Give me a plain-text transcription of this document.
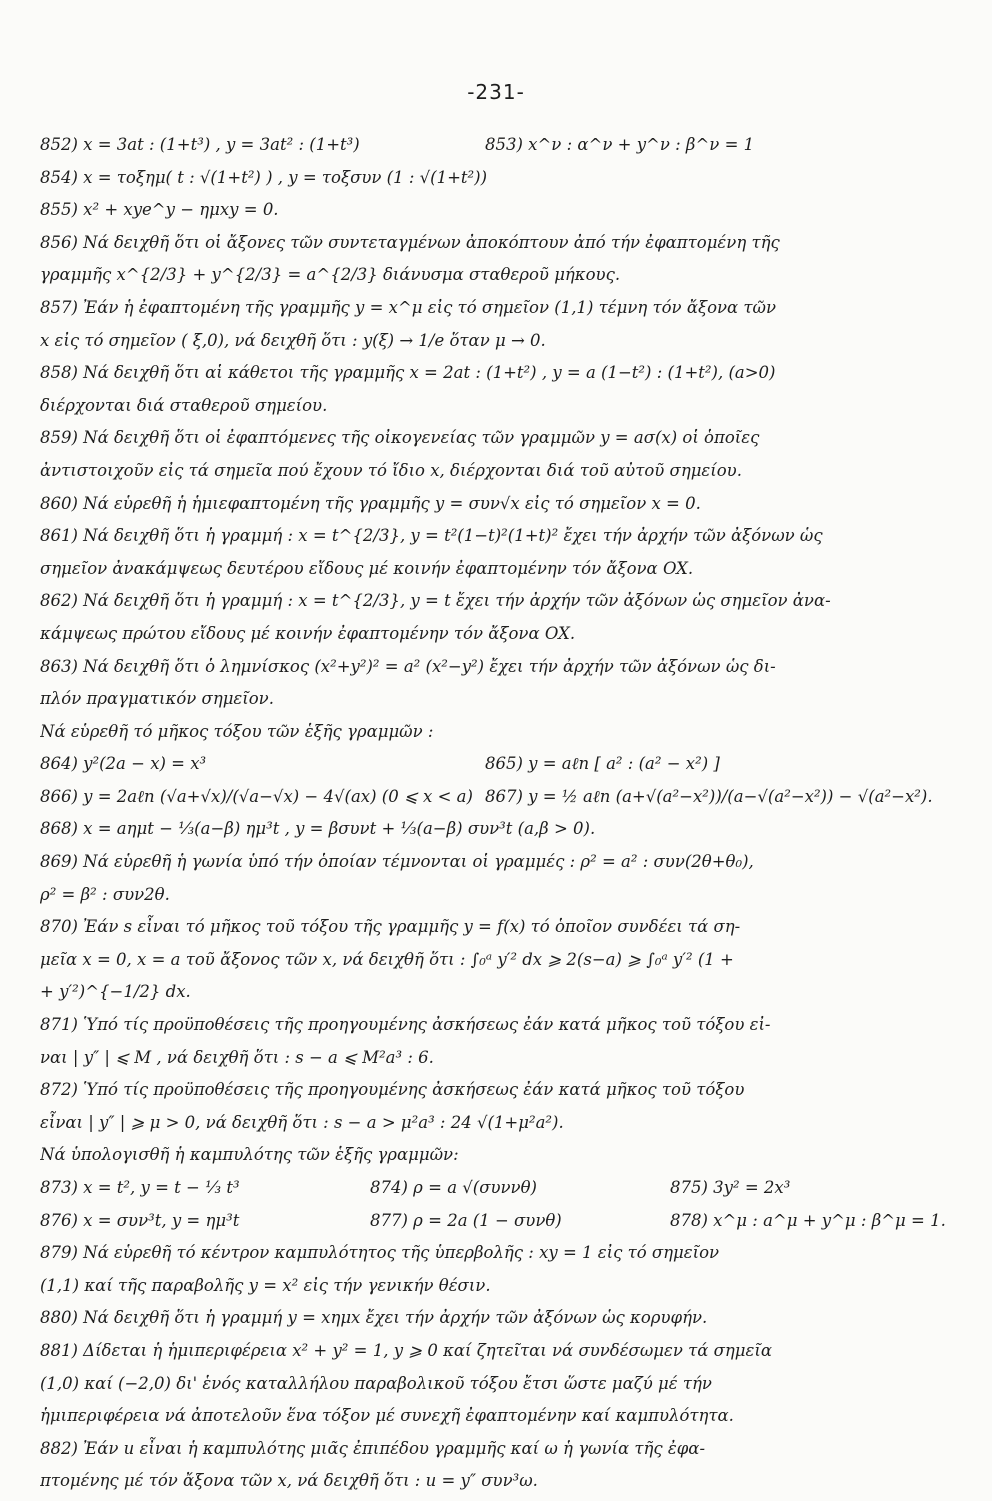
-231-
852) x = 3at : (1+t³) , y = 3at² : (1+t³)	853) x^ν : α^ν + y^ν : β^ν = 1
854) x = τοξημ( t : √(1+t²) ) , y = τοξσυν (1 : √(1+t²))
855) x² + xye^y − ημxy = 0.
856) Νά δειχθῆ ὅτι οἱ ἄξονες τῶν συντεταγμένων ἀποκόπτουν ἀπό τήν ἐφαπτομένη τῆς
γραμμῆς x^{2/3} + y^{2/3} = a^{2/3} διάνυσμα σταθεροῦ μήκους.
857) Ἐάν ἡ ἐφαπτομένη τῆς γραμμῆς y = x^μ εἰς τό σημεῖον (1,1) τέμνη τόν ἄξονα τῶν
x εἰς τό σημεῖον ( ξ,0), νά δειχθῆ ὅτι : y(ξ) → 1/e ὅταν μ → 0.
858) Νά δειχθῆ ὅτι αἱ κάθετοι τῆς γραμμῆς x = 2at : (1+t²) , y = a (1−t²) : (1+t²), (a>0)
διέρχονται διά σταθεροῦ σημείου.
859) Νά δειχθῆ ὅτι οἱ ἐφαπτόμενες τῆς οἰκογενείας τῶν γραμμῶν y = aσ(x) οἱ ὁποῖες
ἀντιστοιχοῦν εἰς τά σημεῖα πού ἔχουν τό ἴδιο x, διέρχονται διά τοῦ αὐτοῦ σημείου.
860) Νά εὑρεθῆ ἡ ἡμιεφαπτομένη τῆς γραμμῆς y = συν√x εἰς τό σημεῖον x = 0.
861) Νά δειχθῆ ὅτι ἡ γραμμή : x = t^{2/3}, y = t²(1−t)²(1+t)² ἔχει τήν ἀρχήν τῶν ἀξόνων ὡς
σημεῖον ἀνακάμψεως δευτέρου εἴδους μέ κοινήν ἐφαπτομένην τόν ἄξονα OX.
862) Νά δειχθῆ ὅτι ἡ γραμμή : x = t^{2/3}, y = t ἔχει τήν ἀρχήν τῶν ἀξόνων ὡς σημεῖον ἀνα-
κάμψεως πρώτου εἴδους μέ κοινήν ἐφαπτομένην τόν ἄξονα OX.
863) Νά δειχθῆ ὅτι ὁ λημνίσκος (x²+y²)² = a² (x²−y²) ἔχει τήν ἀρχήν τῶν ἀξόνων ὡς δι-
πλόν πραγματικόν σημεῖον.
Νά εὑρεθῆ τό μῆκος τόξου τῶν ἑξῆς γραμμῶν :
864) y²(2a − x) = x³	865) y = aℓn [ a² : (a² − x²) ]
866) y = 2aℓn (√a+√x)/(√a−√x) − 4√(ax) (0 ⩽ x < a) 867) y = ½ aℓn (a+√(a²−x²))/(a−√(a²−x²)) − √(a²−x²).
868) x = aημt − ⅓(a−β) ημ³t , y = βσυνt + ⅓(a−β) συν³t (a,β > 0).
869) Νά εὑρεθῆ ἡ γωνία ὑπό τήν ὁποίαν τέμνονται οἱ γραμμές : ρ² = a² : συν(2θ+θ₀),
ρ² = β² : συν2θ.
870) Ἐάν s εἶναι τό μῆκος τοῦ τόξου τῆς γραμμῆς y = f(x) τό ὁποῖον συνδέει τά ση-
μεῖα x = 0, x = a τοῦ ἄξονος τῶν x, νά δειχθῆ ὅτι : ∫₀ᵃ y′² dx ⩾ 2(s−a) ⩾ ∫₀ᵃ y′² (1 +
+ y′²)^{−1/2} dx.
871) Ὑπό τίς προϋποθέσεις τῆς προηγουμένης ἀσκήσεως ἐάν κατά μῆκος τοῦ τόξου εἰ-
ναι | y″ | ⩽ M , νά δειχθῆ ὅτι : s − a ⩽ M²a³ : 6.
872) Ὑπό τίς προϋποθέσεις τῆς προηγουμένης ἀσκήσεως ἐάν κατά μῆκος τοῦ τόξου
εἶναι | y″ | ⩾ μ > 0, νά δειχθῆ ὅτι : s − a > μ²a³ : 24 √(1+μ²a²).
Νά ὑπολογισθῆ ἡ καμπυλότης τῶν ἑξῆς γραμμῶν:
873) x = t², y = t − ⅓ t³	874) ρ = a √(συννθ)	875) 3y² = 2x³
876) x = συν³t, y = ημ³t	877) ρ = 2a (1 − συνθ)	878) x^μ : a^μ + y^μ : β^μ = 1.
879) Νά εὑρεθῆ τό κέντρον καμπυλότητος τῆς ὑπερβολῆς : xy = 1 εἰς τό σημεῖον
(1,1) καί τῆς παραβολῆς y = x² εἰς τήν γενικήν θέσιν.
880) Νά δειχθῆ ὅτι ἡ γραμμή y = xημx ἔχει τήν ἀρχήν τῶν ἀξόνων ὡς κορυφήν.
881) Δίδεται ἡ ἡμιπεριφέρεια x² + y² = 1, y ⩾ 0 καί ζητεῖται νά συνδέσωμεν τά σημεῖα
(1,0) καί (−2,0) δι' ἑνός καταλλήλου παραβολικοῦ τόξου ἔτσι ὥστε μαζύ μέ τήν
ἡμιπεριφέρεια νά ἀποτελοῦν ἕνα τόξον μέ συνεχῆ ἐφαπτομένην καί καμπυλότητα.
882) Ἐάν u εἶναι ἡ καμπυλότης μιᾶς ἐπιπέδου γραμμῆς καί ω ἡ γωνία τῆς ἐφα-
πτομένης μέ τόν ἄξονα τῶν x, νά δειχθῆ ὅτι : u = y″ συν³ω.
